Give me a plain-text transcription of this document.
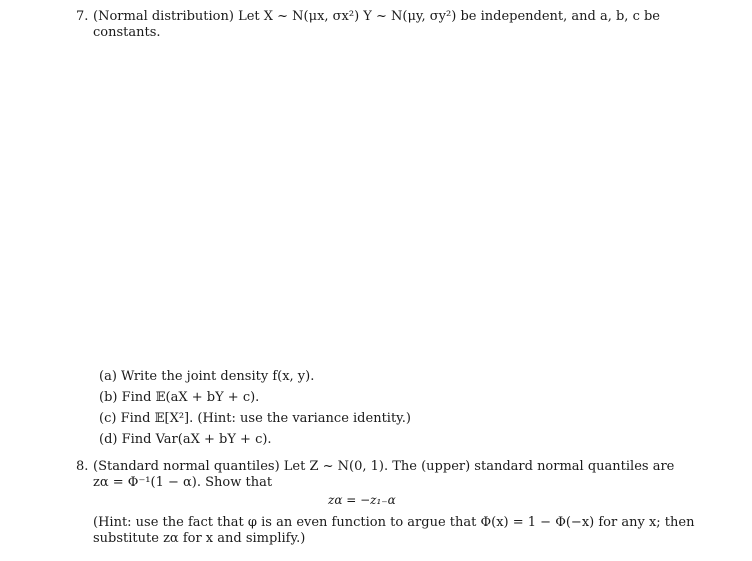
7. (Normal distribution) Let X ~ N(μx, σx²) Y ~ N(μy, σy²) be independent, and a, b, c be
constants.
(a) Write the joint density f(x, y).
(b) Find 𝔼(aX + bY + c).
(c) Find 𝔼[X²]. (Hint: use the variance identity.)
(d) Find Var(aX + bY + c).
8. (Standard normal quantiles) Let Z ~ N(0, 1). The (upper) standard normal quantiles are
zα = Φ⁻¹(1 − α). Show that
zα = −z₁₋α
(Hint: use the fact that φ is an even function to argue that Φ(x) = 1 − Φ(−x) for any x; then
substitute zα for x and simplify.)
